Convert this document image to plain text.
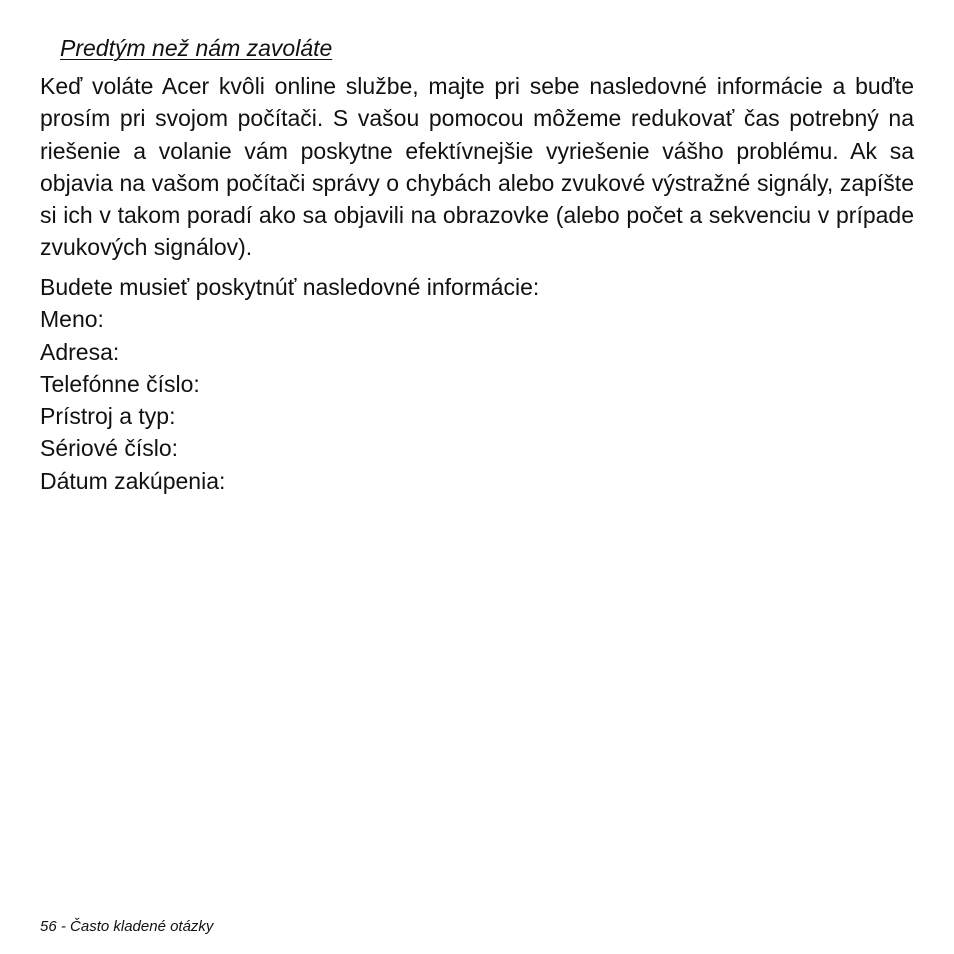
Predtým než nám zavoláte

Keď voláte Acer kvôli online službe, majte pri sebe nasledovné informácie a buďte prosím pri svojom počítači. S vašou pomocou môžeme redukovať čas potrebný na riešenie a volanie vám poskytne efektívnejšie vyriešenie vášho problému. Ak sa objavia na vašom počítači správy o chybách alebo zvukové výstražné signály, zapíšte si ich v takom poradí ako sa objavili na obrazovke (alebo počet a sekvenciu v prípade zvukových signálov).

Budete musieť poskytnúť nasledovné informácie:
Meno:
Adresa:
Telefónne číslo:
Prístroj a typ:
Sériové číslo:
Dátum zakúpenia:

56 - Často kladené otázky
